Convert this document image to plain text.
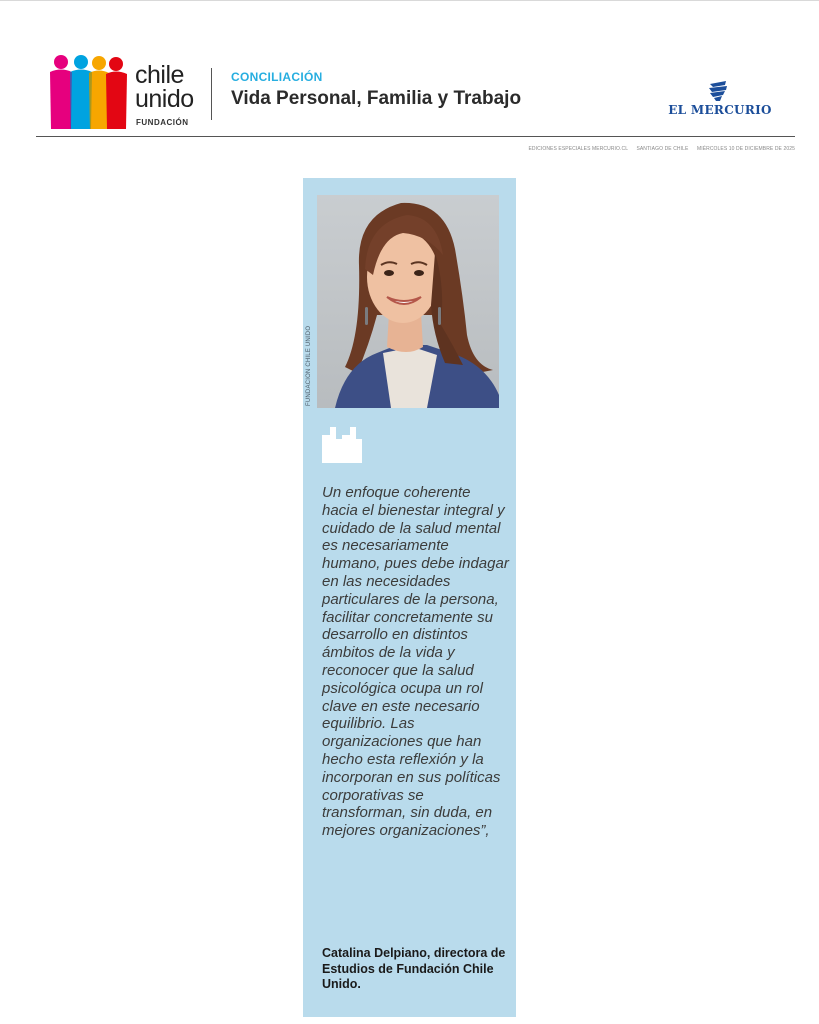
chile
unido
FUNDACIÓN
CONCILIACIÓN
Vida Personal, Familia y Trabajo
EL MERCURIO
EDICIONES ESPECIALES MERCURIO.CL SANTIAGO DE CHILE MIÉRCOLES 10 DE DICIEMBRE DE 2025
FUNDACIÓN CHILE UNIDO

Un enfoque coherente hacia el bienestar integral y cuidado de la salud mental es necesariamente humano, pues debe indagar en las necesidades particulares de la persona, facilitar concretamente su desarrollo en distintos ámbitos de la vida y reconocer que la salud psicológica ocupa un rol clave en este necesario equilibrio. Las organizaciones que han hecho esta reflexión y la incorporan en sus políticas corporativas se transforman, sin duda, en mejores organizaciones”,

Catalina Delpiano, directora de Estudios de Fundación Chile Unido.
